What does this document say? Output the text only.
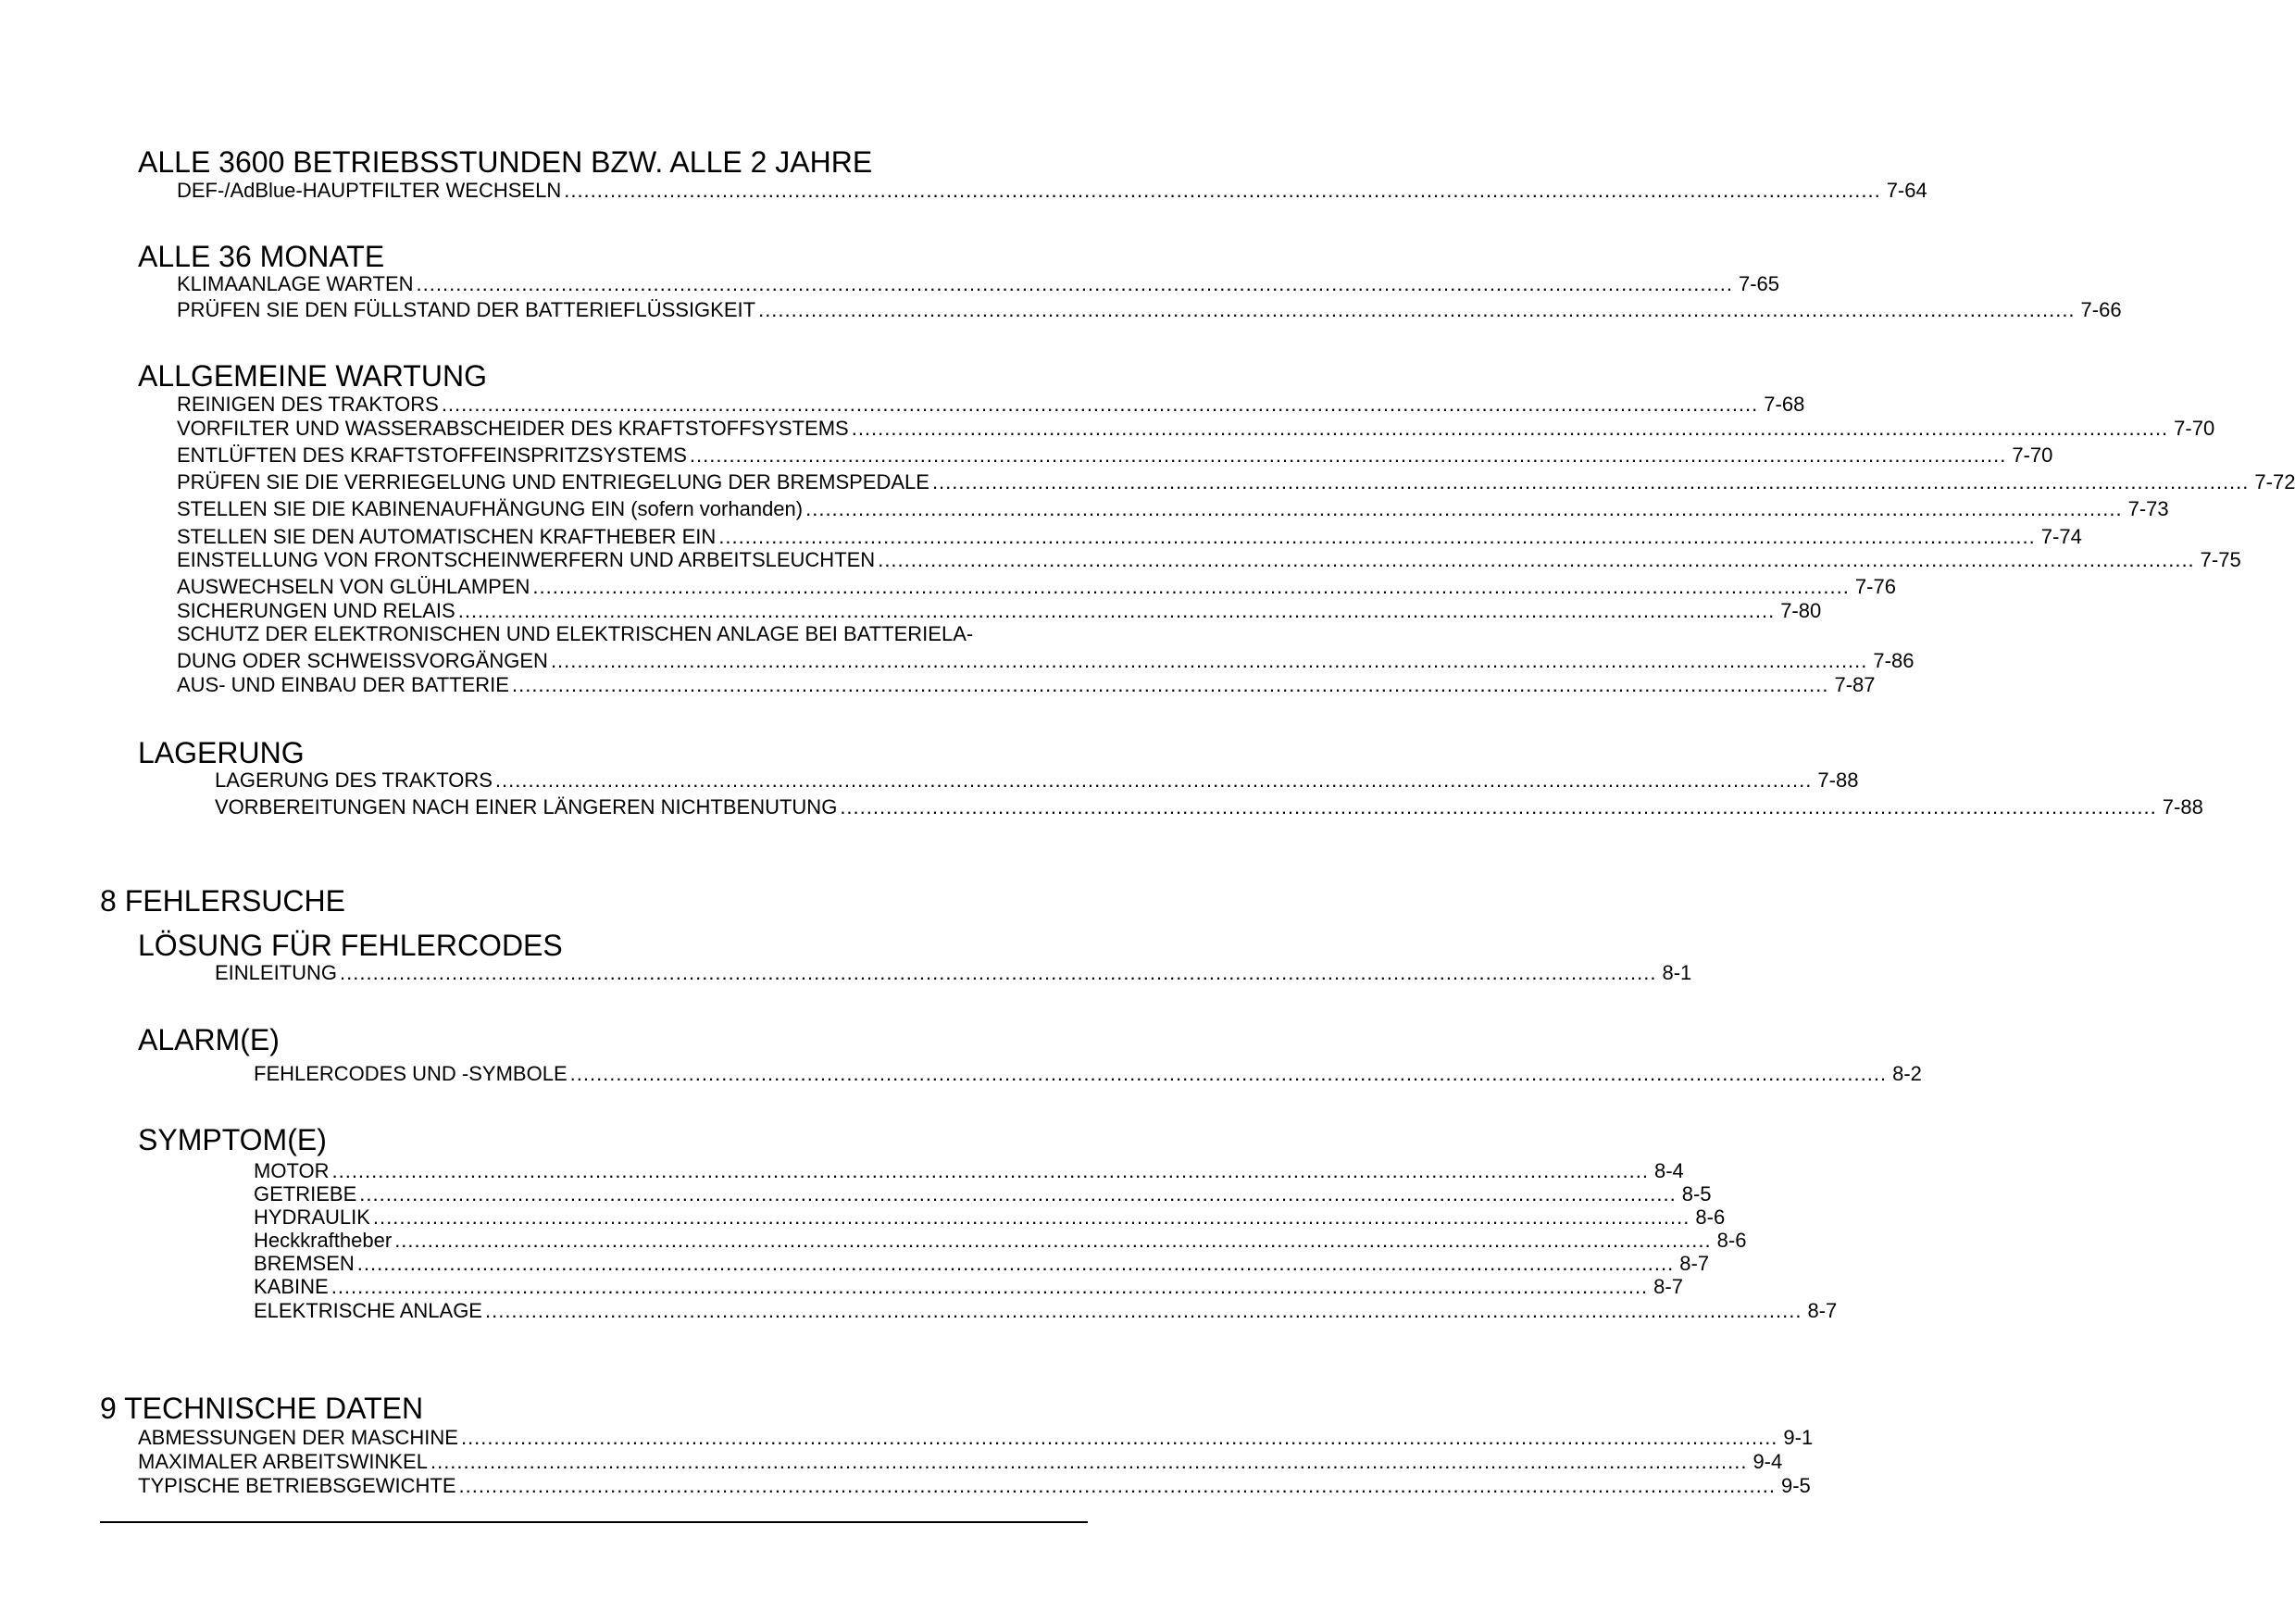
ALLE 3600 BETRIEBSSTUNDEN BZW. ALLE 2 JAHRE
DEF-/AdBlue-HAUPTFILTER WECHSELN ........................................................................................................................................................................................................ 7-64
ALLE 36 MONATE
KLIMAANLAGE WARTEN ........................................................................................................................................................................................................ 7-65
PRÜFEN SIE DEN FÜLLSTAND DER BATTERIEFLÜSSIGKEIT ........................................................................................................................................................................................................ 7-66
ALLGEMEINE WARTUNG
REINIGEN DES TRAKTORS ........................................................................................................................................................................................................ 7-68
VORFILTER UND WASSERABSCHEIDER DES KRAFTSTOFFSYSTEMS ........................................................................................................................................................................................................ 7-70
ENTLÜFTEN DES KRAFTSTOFFEINSPRITZSYSTEMS ........................................................................................................................................................................................................ 7-70
PRÜFEN SIE DIE VERRIEGELUNG UND ENTRIEGELUNG DER BREMSPEDALE ........................................................................................................................................................................................................ 7-72
STELLEN SIE DIE KABINENAUFHÄNGUNG EIN (sofern vorhanden) ........................................................................................................................................................................................................ 7-73
STELLEN SIE DEN AUTOMATISCHEN KRAFTHEBER EIN ........................................................................................................................................................................................................ 7-74
EINSTELLUNG VON FRONTSCHEINWERFERN UND ARBEITSLEUCHTEN ........................................................................................................................................................................................................ 7-75
AUSWECHSELN VON GLÜHLAMPEN ........................................................................................................................................................................................................ 7-76
SICHERUNGEN UND RELAIS ........................................................................................................................................................................................................ 7-80
SCHUTZ DER ELEKTRONISCHEN UND ELEKTRISCHEN ANLAGE BEI BATTERIELA-
DUNG ODER SCHWEISSVORGÄNGEN ........................................................................................................................................................................................................ 7-86
AUS- UND EINBAU DER BATTERIE ........................................................................................................................................................................................................ 7-87
LAGERUNG
LAGERUNG DES TRAKTORS ........................................................................................................................................................................................................ 7-88
VORBEREITUNGEN NACH EINER LÄNGEREN NICHTBENUTUNG ........................................................................................................................................................................................................ 7-88
8 FEHLERSUCHE
LÖSUNG FÜR FEHLERCODES
EINLEITUNG ........................................................................................................................................................................................................ 8-1
ALARM(E)
FEHLERCODES UND -SYMBOLE ........................................................................................................................................................................................................ 8-2
SYMPTOM(E)
MOTOR ........................................................................................................................................................................................................ 8-4
GETRIEBE ........................................................................................................................................................................................................ 8-5
HYDRAULIK ........................................................................................................................................................................................................ 8-6
Heckkraftheber ........................................................................................................................................................................................................ 8-6
BREMSEN ........................................................................................................................................................................................................ 8-7
KABINE ........................................................................................................................................................................................................ 8-7
ELEKTRISCHE ANLAGE ........................................................................................................................................................................................................ 8-7
9 TECHNISCHE DATEN
ABMESSUNGEN DER MASCHINE ........................................................................................................................................................................................................ 9-1
MAXIMALER ARBEITSWINKEL ........................................................................................................................................................................................................ 9-4
TYPISCHE BETRIEBSGEWICHTE ........................................................................................................................................................................................................ 9-5
